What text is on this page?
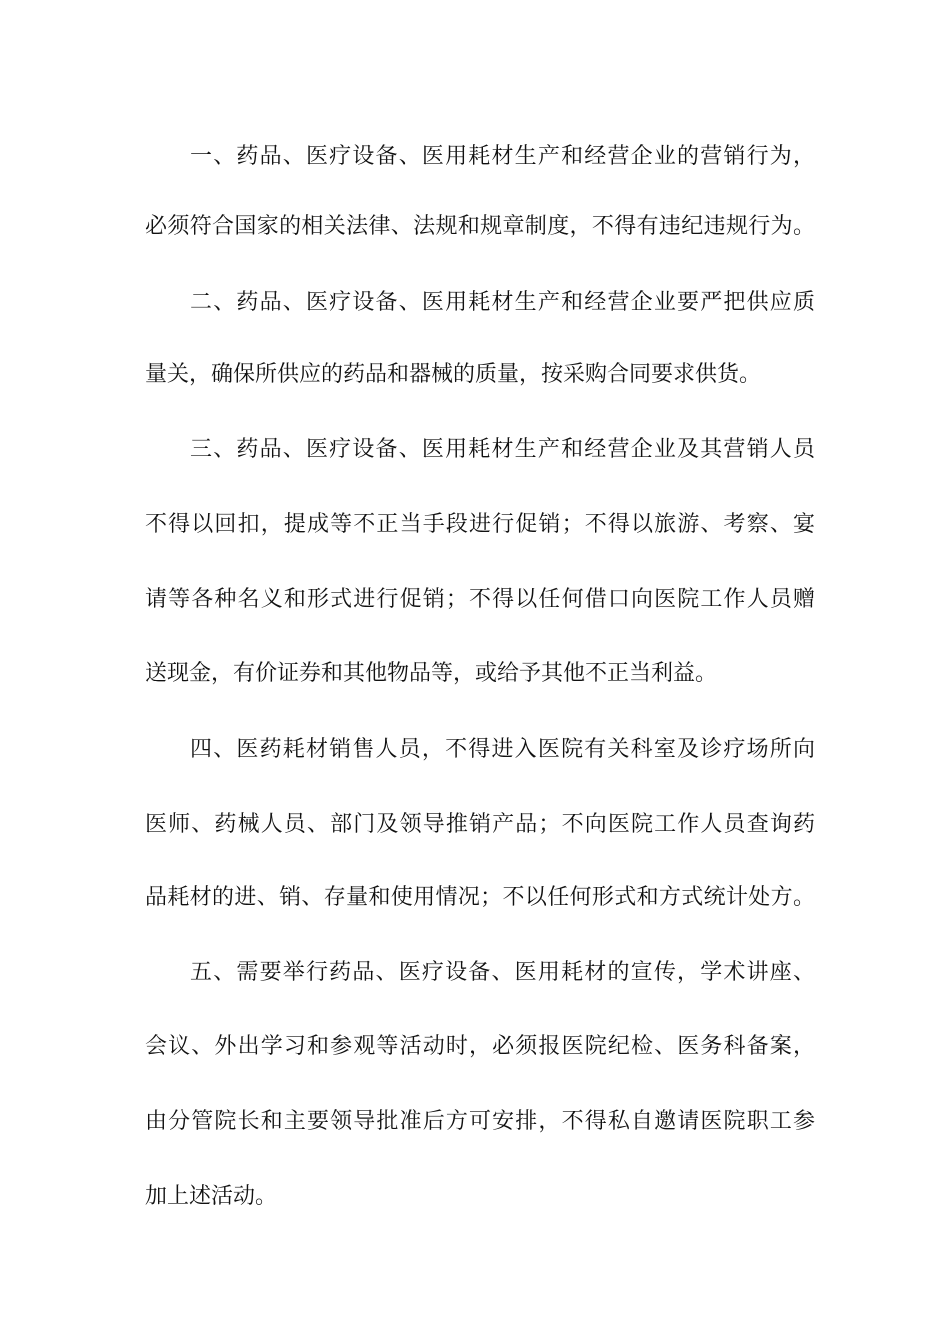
一、药品、医疗设备、医用耗材生产和经营企业的营销行为，
必须符合国家的相关法律、法规和规章制度，不得有违纪违规行为。
二、药品、医疗设备、医用耗材生产和经营企业要严把供应质
量关，确保所供应的药品和器械的质量，按采购合同要求供货。
三、药品、医疗设备、医用耗材生产和经营企业及其营销人员
不得以回扣，提成等不正当手段进行促销；不得以旅游、考察、宴
请等各种名义和形式进行促销；不得以任何借口向医院工作人员赠
送现金，有价证券和其他物品等，或给予其他不正当利益。
四、医药耗材销售人员，不得进入医院有关科室及诊疗场所向
医师、药械人员、部门及领导推销产品；不向医院工作人员查询药
品耗材的进、销、存量和使用情况；不以任何形式和方式统计处方。
五、需要举行药品、医疗设备、医用耗材的宣传，学术讲座、
会议、外出学习和参观等活动时，必须报医院纪检、医务科备案，
由分管院长和主要领导批准后方可安排，不得私自邀请医院职工参
加上述活动。
